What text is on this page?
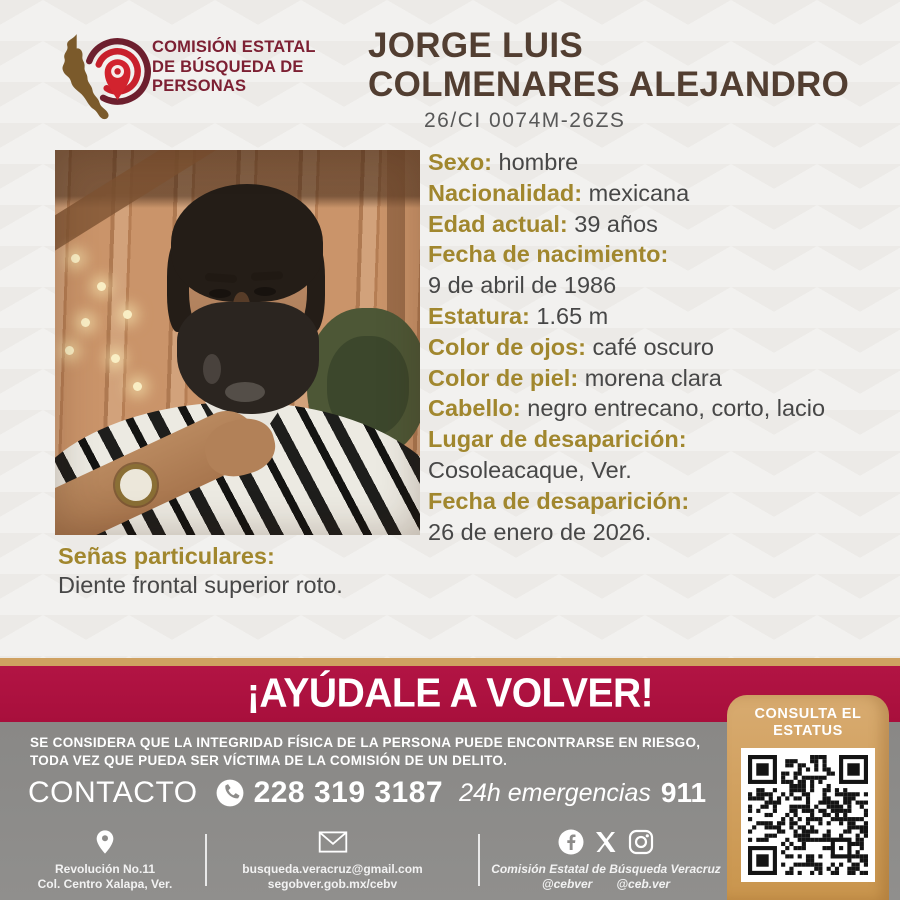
COMISIÓN ESTATAL
DE BÚSQUEDA DE
PERSONAS
JORGE LUIS
COLMENARES ALEJANDRO
26/CI 0074M-26ZS
Sexo: hombre
Nacionalidad: mexicana
Edad actual: 39 años
Fecha de nacimiento:
9 de abril de 1986
Estatura: 1.65 m
Color de ojos: café oscuro
Color de piel: morena clara
Cabello: negro entrecano, corto, lacio
Lugar de desaparición:
Cosoleacaque, Ver.
Fecha de desaparición:
26 de enero de 2026.
Señas particulares:
Diente frontal superior roto.
¡AYÚDALE A VOLVER!
SE CONSIDERA QUE LA INTEGRIDAD FÍSICA DE LA PERSONA PUEDE ENCONTRARSE EN RIESGO,
TODA VEZ QUE PUEDA SER VÍCTIMA DE LA COMISIÓN DE UN DELITO.
CONTACTO 228 319 3187 24h emergencias 911
Revolución No.11
Col. Centro Xalapa, Ver.
busqueda.veracruz@gmail.com
segobver.gob.mx/cebv
Comisión Estatal de Búsqueda Veracruz
@cebver @ceb.ver
CONSULTA EL
ESTATUS
